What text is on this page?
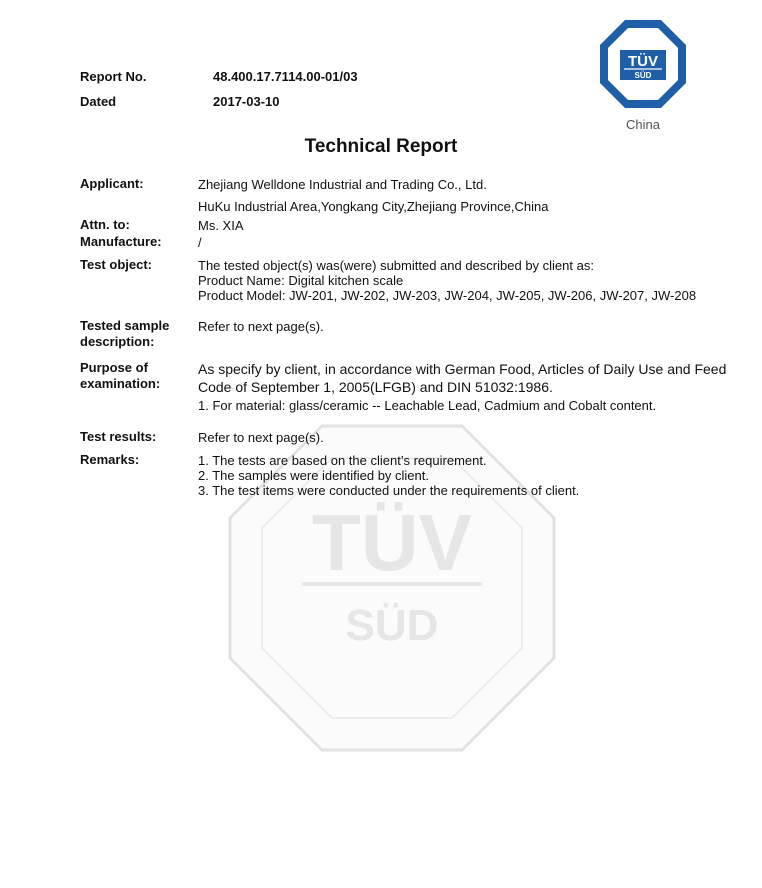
TÜV
SÜD
Report No.	48.400.17.7114.00-01/03
Dated	2017-03-10
TÜV
SÜD
China
Technical Report
Applicant:	Zhejiang Welldone Industrial and Trading Co., Ltd.
HuKu Industrial Area,Yongkang City,Zhejiang Province,China
Attn. to:	Ms. XIA
Manufacture:	/
Test object:	The tested object(s) was(were) submitted and described by client as:
Product Name: Digital kitchen scale
Product Model: JW-201, JW-202, JW-203, JW-204, JW-205, JW-206, JW-207, JW-208
Tested sample
description:
Refer to next page(s).
Purpose of
examination:
As specify by client, in accordance with German Food, Articles of Daily Use and Feed
Code of September 1, 2005(LFGB) and DIN 51032:1986.
1. For material: glass/ceramic -- Leachable Lead, Cadmium and Cobalt content.
Test results:	Refer to next page(s).
Remarks:	1. The tests are based on the client’s requirement.
2. The samples were identified by client.
3. The test items were conducted under the requirements of client.
